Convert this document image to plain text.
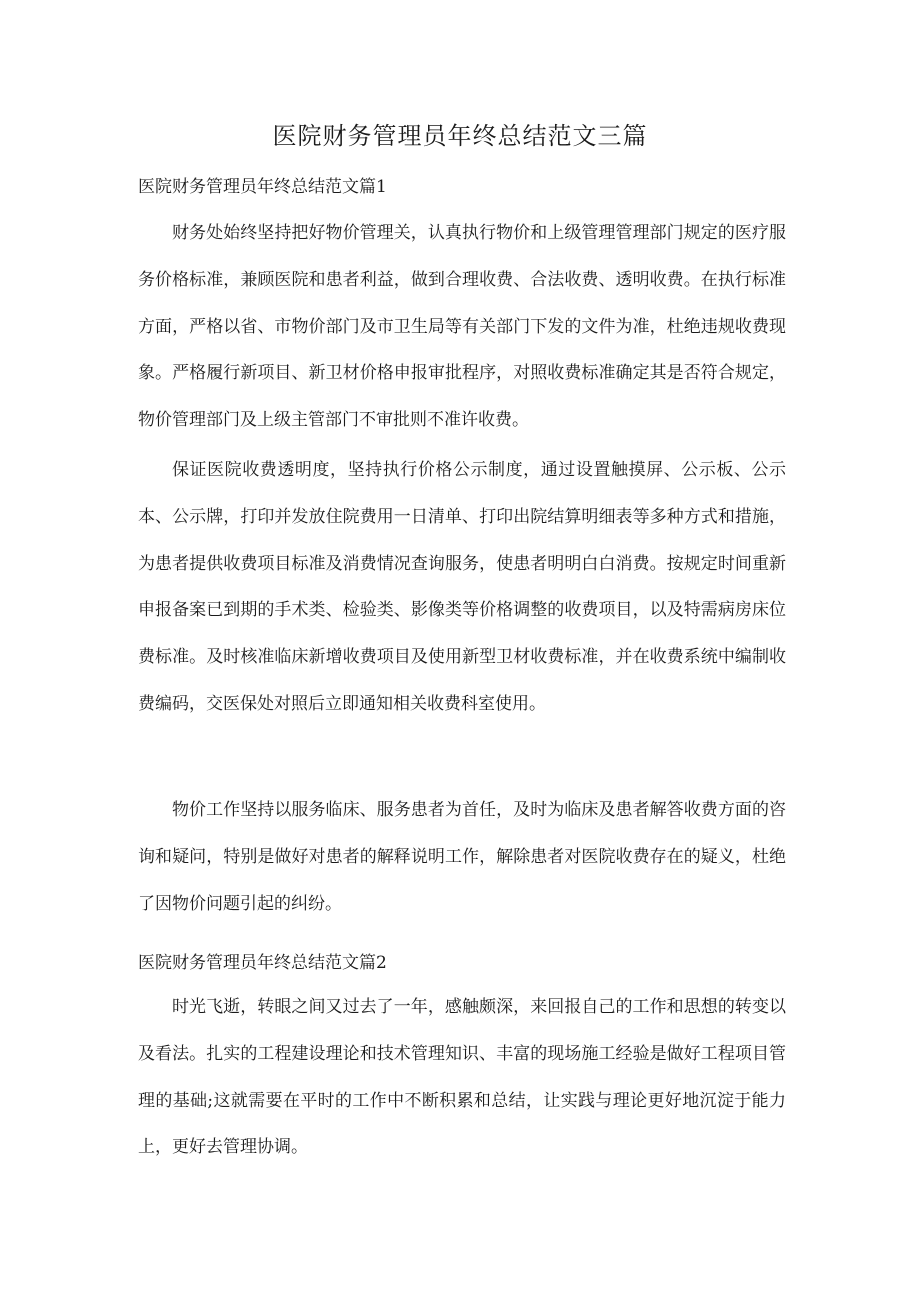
医院财务管理员年终总结范文三篇
医院财务管理员年终总结范文篇1

财务处始终坚持把好物价管理关，认真执行物价和上级管理管理部门规定的医疗服务价格标准，兼顾医院和患者利益，做到合理收费、合法收费、透明收费。在执行标准方面，严格以省、市物价部门及市卫生局等有关部门下发的文件为准，杜绝违规收费现象。严格履行新项目、新卫材价格申报审批程序，对照收费标准确定其是否符合规定，物价管理部门及上级主管部门不审批则不准许收费。

保证医院收费透明度，坚持执行价格公示制度，通过设置触摸屏、公示板、公示本、公示牌，打印并发放住院费用一日清单、打印出院结算明细表等多种方式和措施，为患者提供收费项目标准及消费情况查询服务，使患者明明白白消费。按规定时间重新申报备案已到期的手术类、检验类、影像类等价格调整的收费项目，以及特需病房床位费标准。及时核准临床新增收费项目及使用新型卫材收费标准，并在收费系统中编制收费编码，交医保处对照后立即通知相关收费科室使用。

物价工作坚持以服务临床、服务患者为首任，及时为临床及患者解答收费方面的咨询和疑问，特别是做好对患者的解释说明工作，解除患者对医院收费存在的疑义，杜绝了因物价问题引起的纠纷。

医院财务管理员年终总结范文篇2

时光飞逝，转眼之间又过去了一年，感触颇深，来回报自己的工作和思想的转变以及看法。扎实的工程建设理论和技术管理知识、丰富的现场施工经验是做好工程项目管理的基础;这就需要在平时的工作中不断积累和总结，让实践与理论更好地沉淀于能力上，更好去管理协调。
